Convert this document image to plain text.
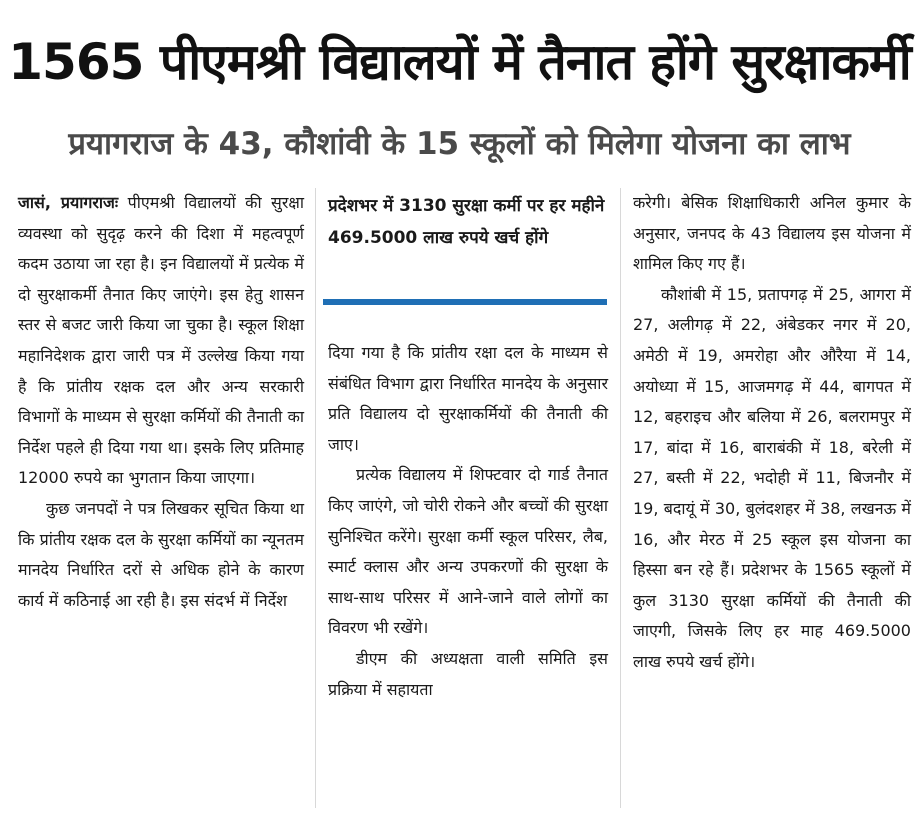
1565 पीएमश्री विद्यालयों में तैनात होंगे सुरक्षाकर्मी
प्रयागराज के 43, कौशांवी के 15 स्कूलों को मिलेगा योजना का लाभ

जासं, प्रयागराजः पीएमश्री विद्यालयों की सुरक्षा व्यवस्था को सुदृढ़ करने की दिशा में महत्वपूर्ण कदम उठाया जा रहा है। इन विद्यालयों में प्रत्येक में दो सुरक्षाकर्मी तैनात किए जाएंगे। इस हेतु शासन स्तर से बजट जारी किया जा चुका है। स्कूल शिक्षा महानिदेशक द्वारा जारी पत्र में उल्लेख किया गया है कि प्रांतीय रक्षक दल और अन्य सरकारी विभागों के माध्यम से सुरक्षा कर्मियों की तैनाती का निर्देश पहले ही दिया गया था। इसके लिए प्रतिमाह 12000 रुपये का भुगतान किया जाएगा।

कुछ जनपदों ने पत्र लिखकर सूचित किया था कि प्रांतीय रक्षक दल के सुरक्षा कर्मियों का न्यूनतम मानदेय निर्धारित दरों से अधिक होने के कारण कार्य में कठिनाई आ रही है। इस संदर्भ में निर्देश

प्रदेशभर में 3130 सुरक्षा कर्मी पर हर महीने 469.5000 लाख रुपये खर्च होंगे

दिया गया है कि प्रांतीय रक्षा दल के माध्यम से संबंधित विभाग द्वारा निर्धारित मानदेय के अनुसार प्रति विद्यालय दो सुरक्षाकर्मियों की तैनाती की जाए।

प्रत्येक विद्यालय में शिफ्टवार दो गार्ड तैनात किए जाएंगे, जो चोरी रोकने और बच्चों की सुरक्षा सुनिश्चित करेंगे। सुरक्षा कर्मी स्कूल परिसर, लैब, स्मार्ट क्लास और अन्य उपकरणों की सुरक्षा के साथ-साथ परिसर में आने-जाने वाले लोगों का विवरण भी रखेंगे।

डीएम की अध्यक्षता वाली समिति इस प्रक्रिया में सहायता

करेगी। बेसिक शिक्षाधिकारी अनिल कुमार के अनुसार, जनपद के 43 विद्यालय इस योजना में शामिल किए गए हैं।

कौशांबी में 15, प्रतापगढ़ में 25, आगरा में 27, अलीगढ़ में 22, अंबेडकर नगर में 20, अमेठी में 19, अमरोहा और औरैया में 14, अयोध्या में 15, आजमगढ़ में 44, बागपत में 12, बहराइच और बलिया में 26, बलरामपुर में 17, बांदा में 16, बाराबंकी में 18, बरेली में 27, बस्ती में 22, भदोही में 11, बिजनौर में 19, बदायूं में 30, बुलंदशहर में 38, लखनऊ में 16, और मेरठ में 25 स्कूल इस योजना का हिस्सा बन रहे हैं। प्रदेशभर के 1565 स्कूलों में कुल 3130 सुरक्षा कर्मियों की तैनाती की जाएगी, जिसके लिए हर माह 469.5000 लाख रुपये खर्च होंगे।
